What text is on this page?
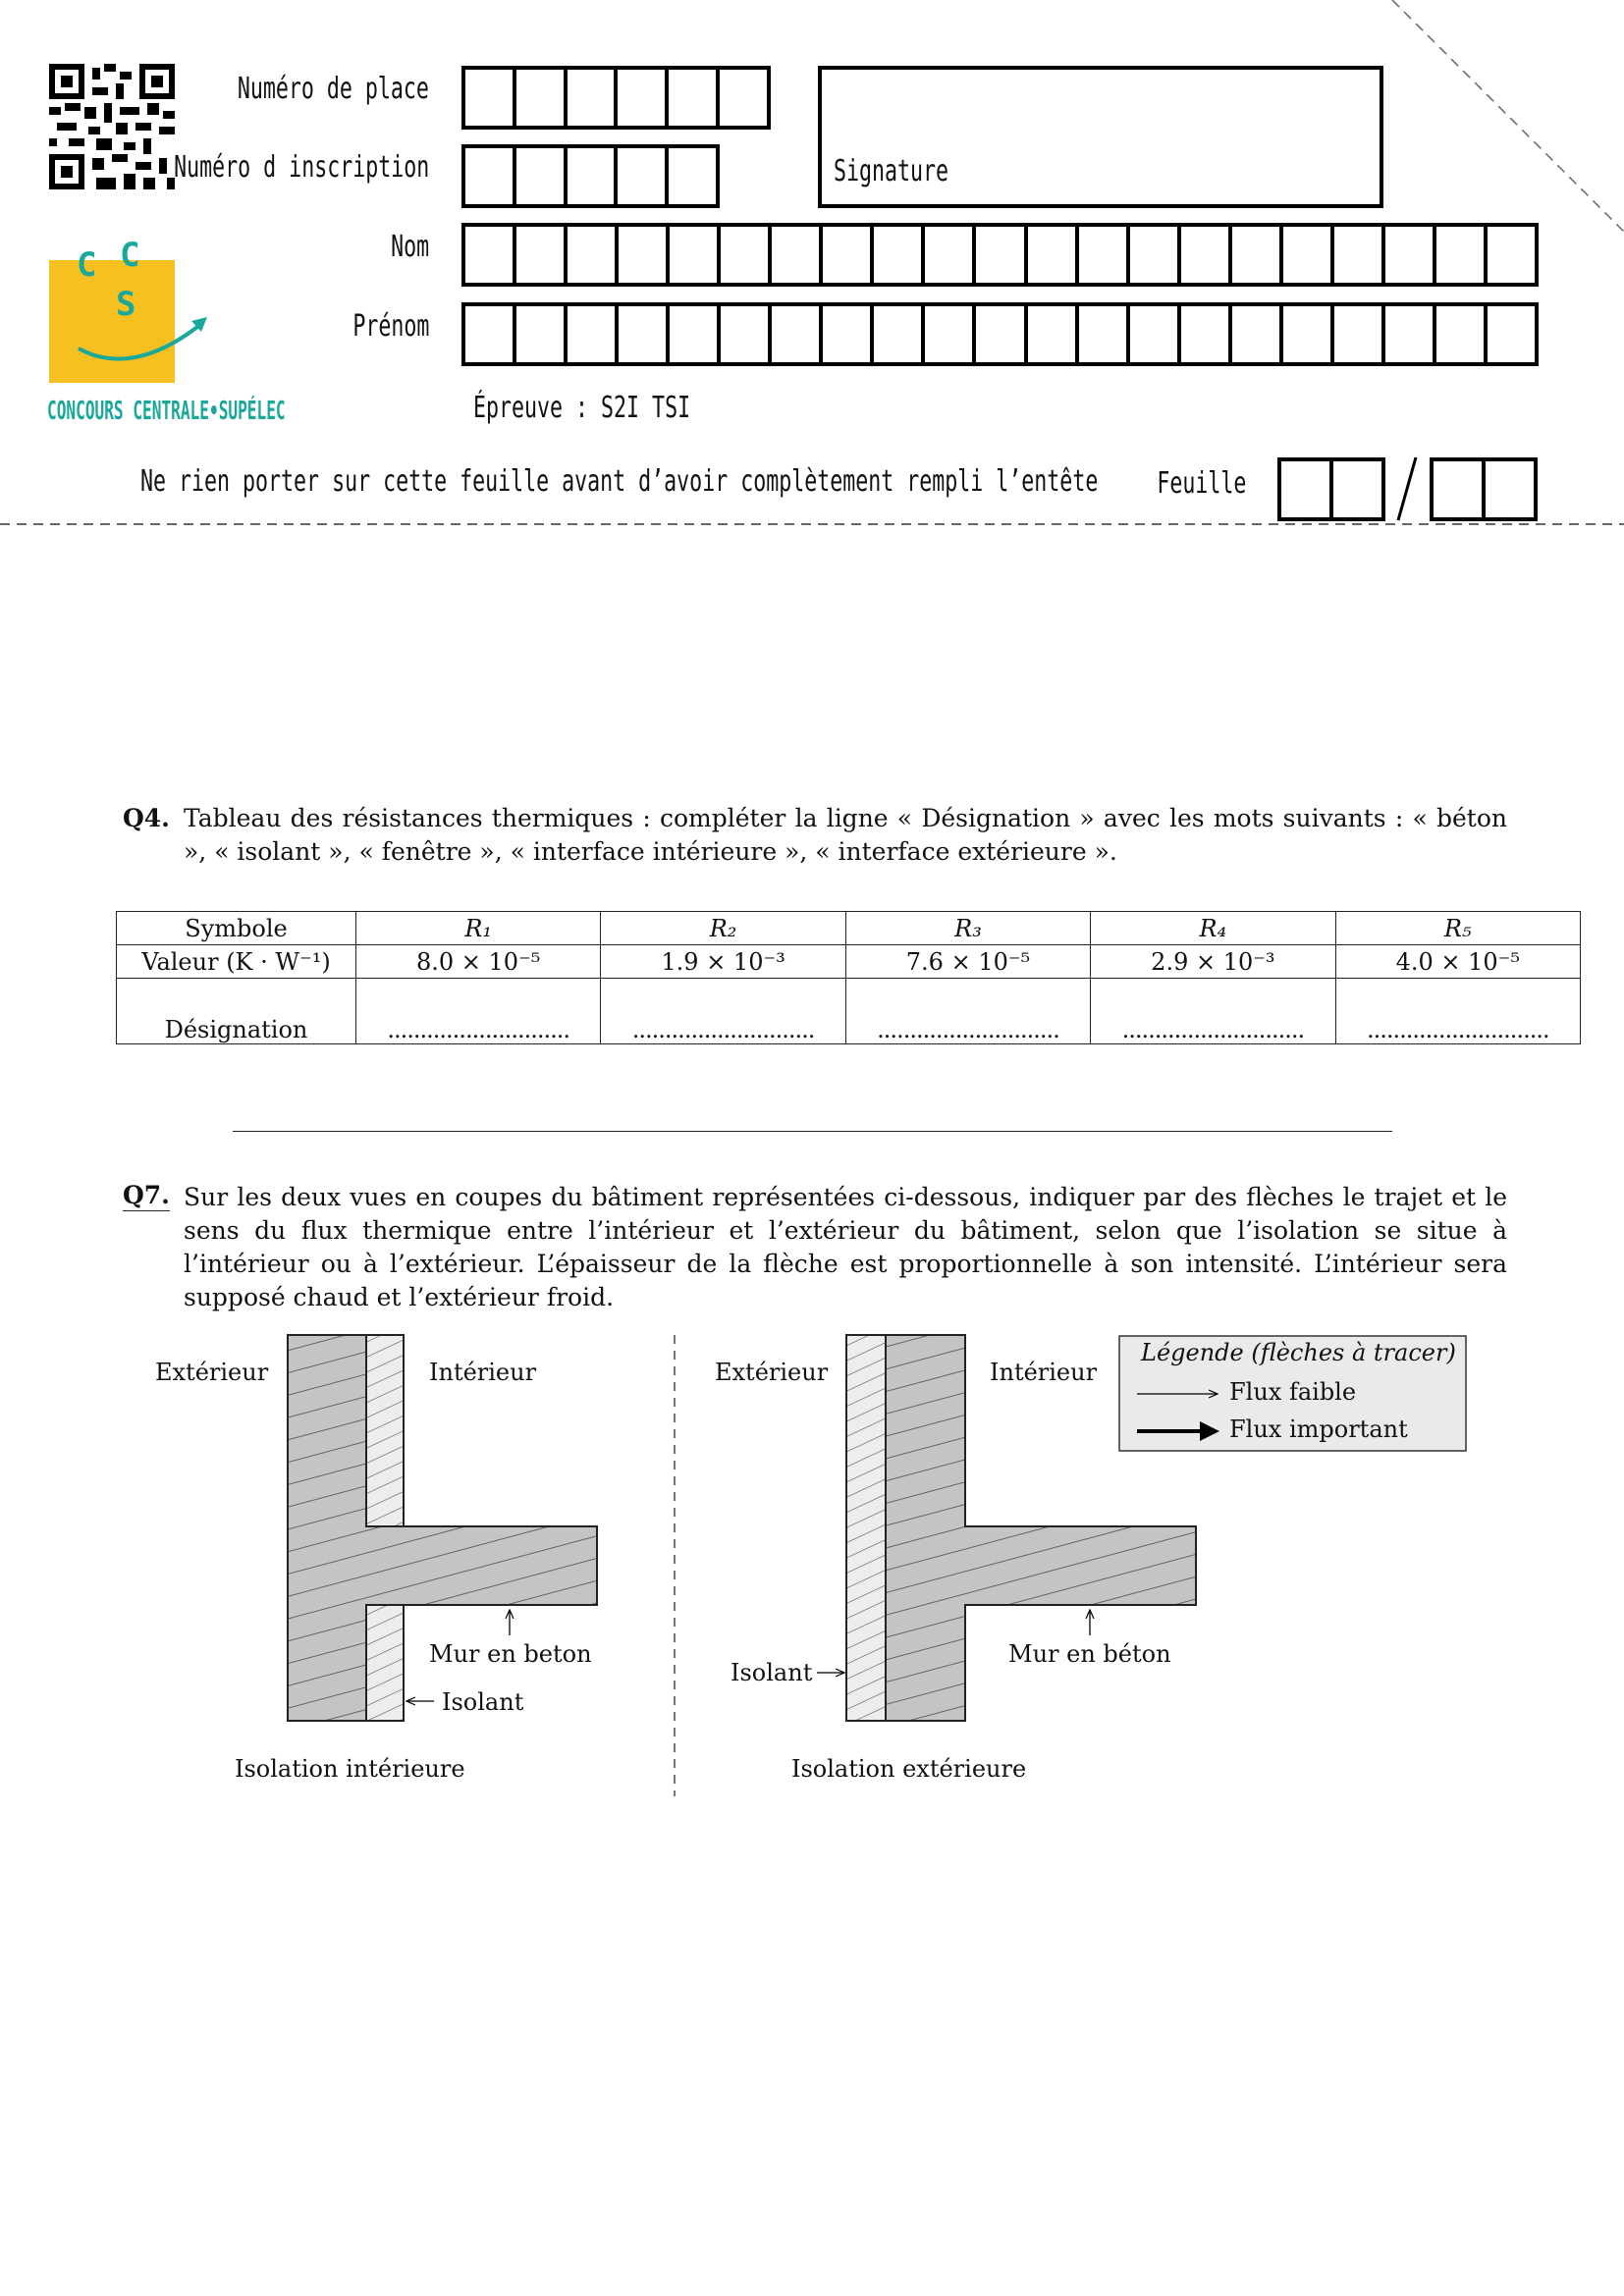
Numéro de place
Numéro d inscription
Nom
Prénom
Signature
C C
S
CONCOURS CENTRALE•SUPÉLEC	Épreuve : S2I TSI
Ne rien porter sur cette feuille avant d’avoir complètement rempli l’entête Feuille
Q4. Tableau des résistances thermiques : compléter la ligne « Désignation » avec les mots suivants : « béton », « isolant », « fenêtre », « interface intérieure », « interface extérieure ».
Symbole	R₁	R₂	R₃	R₄	R₅
Valeur (K · W⁻¹)	8.0 × 10⁻⁵	1.9 × 10⁻³	7.6 × 10⁻⁵	2.9 × 10⁻³	4.0 × 10⁻⁵
Désignation	............................	............................	............................	............................	............................
Q7. Sur les deux vues en coupes du bâtiment représentées ci-dessous, indiquer par des flèches le trajet et le sens du flux thermique entre l’intérieur et l’extérieur du bâtiment, selon que l’isolation se situe à l’intérieur ou à l’extérieur. L’épaisseur de la flèche est proportionnelle à son intensité. L’intérieur sera supposé chaud et l’extérieur froid.
Extérieur	Intérieur
Mur en beton
Isolant
Isolation intérieure
Extérieur	Intérieur
Mur en béton
Isolant
Isolation extérieure
Légende (flèches à tracer)
Flux faible
Flux important
